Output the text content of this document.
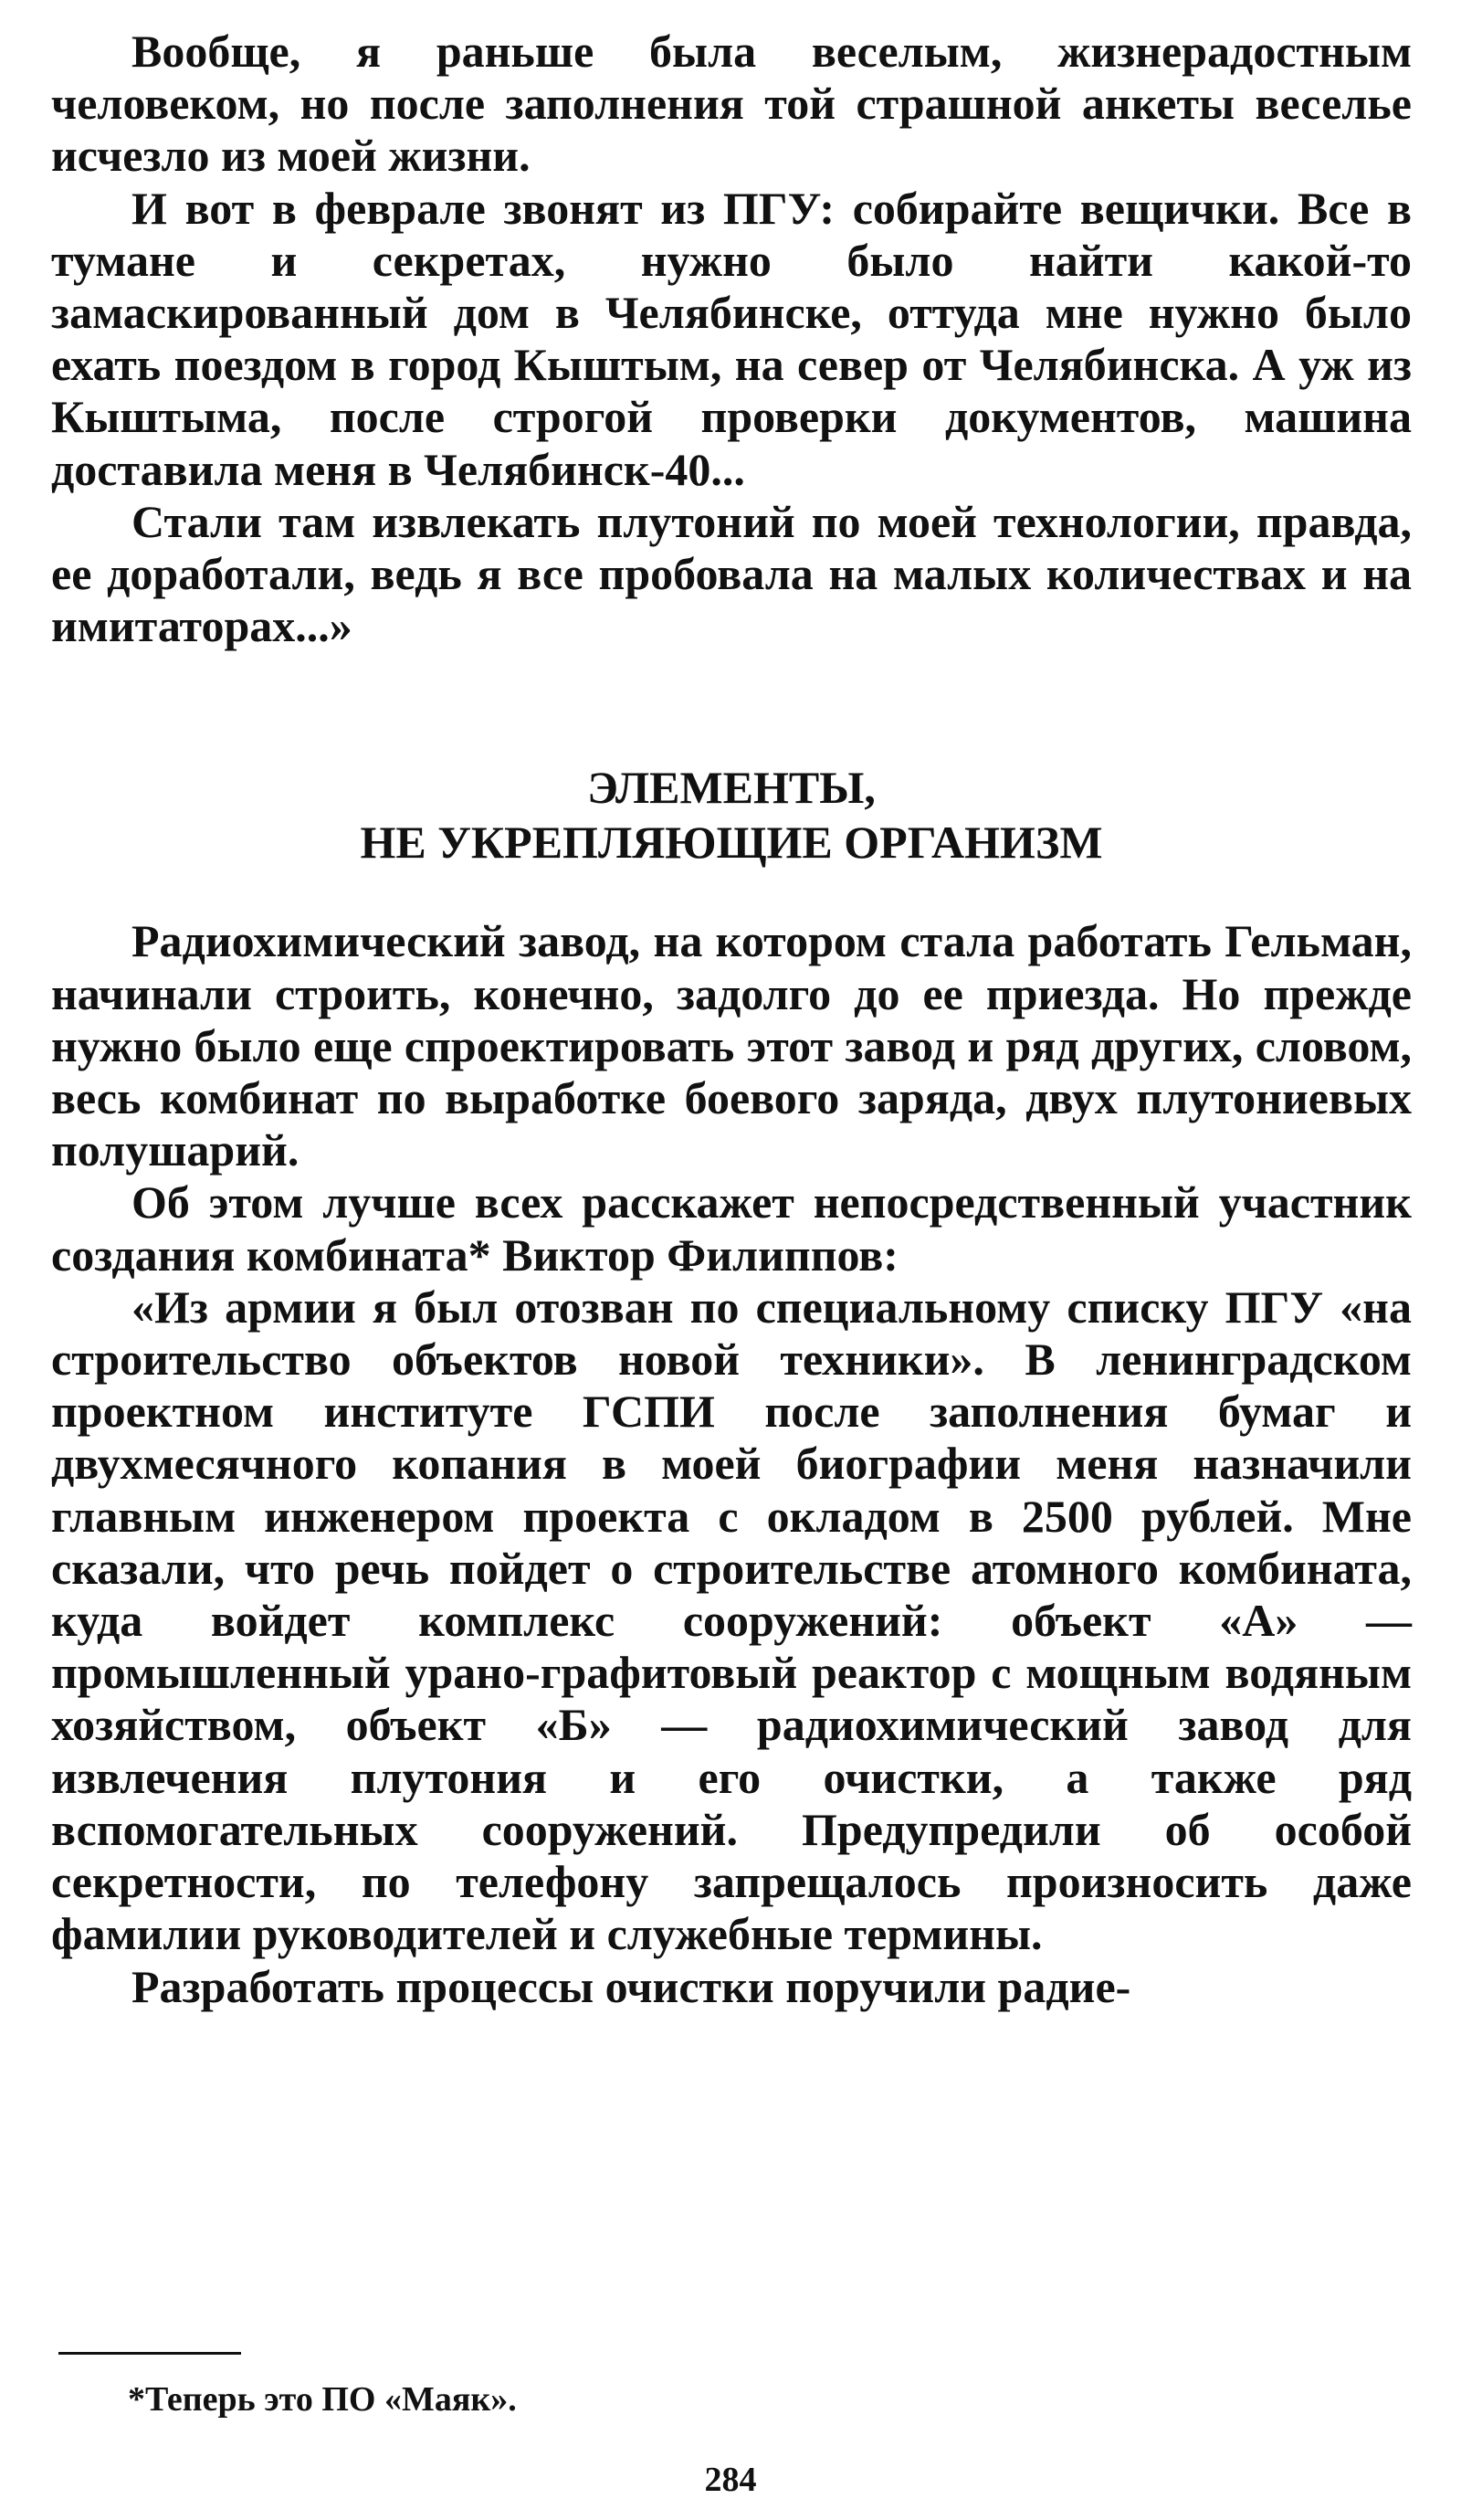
Вообще, я раньше была веселым, жизнерадостным человеком, но после заполнения той страшной анкеты веселье исчезло из моей жизни.

И вот в феврале звонят из ПГУ: собирайте вещички. Все в тумане и секретах, нужно было найти какой-то замаскированный дом в Челябинске, оттуда мне нужно было ехать поездом в город Кыштым, на север от Челябинска. А уж из Кыштыма, после строгой проверки документов, машина доставила меня в Челябинск-40...

Стали там извлекать плутоний по моей технологии, правда, ее доработали, ведь я все пробовала на малых количествах и на имитаторах...»

ЭЛЕМЕНТЫ,
НЕ УКРЕПЛЯЮЩИЕ ОРГАНИЗМ

Радиохимический завод, на котором стала работать Гельман, начинали строить, конечно, задолго до ее приезда. Но прежде нужно было еще спроектировать этот завод и ряд других, словом, весь комбинат по выработке боевого заряда, двух плутониевых полушарий.

Об этом лучше всех расскажет непосредственный участник создания комбината* Виктор Филиппов:

«Из армии я был отозван по специальному списку ПГУ «на строительство объектов новой техники». В ленинградском проектном институте ГСПИ после заполнения бумаг и двухмесячного копания в моей биографии меня назначили главным инженером проекта с окладом в 2500 рублей. Мне сказали, что речь пойдет о строительстве атомного комбината, куда войдет комплекс сооружений: объект «А» — промышленный урано-графитовый реактор с мощным водяным хозяйством, объект «Б» — радиохимический завод для извлечения плутония и его очистки, а также ряд вспомогательных сооружений. Предупредили об особой секретности, по телефону запрещалось произносить даже фамилии руководителей и служебные термины.

Разработать процессы очистки поручили радие-

*Теперь это ПО «Маяк».
284
